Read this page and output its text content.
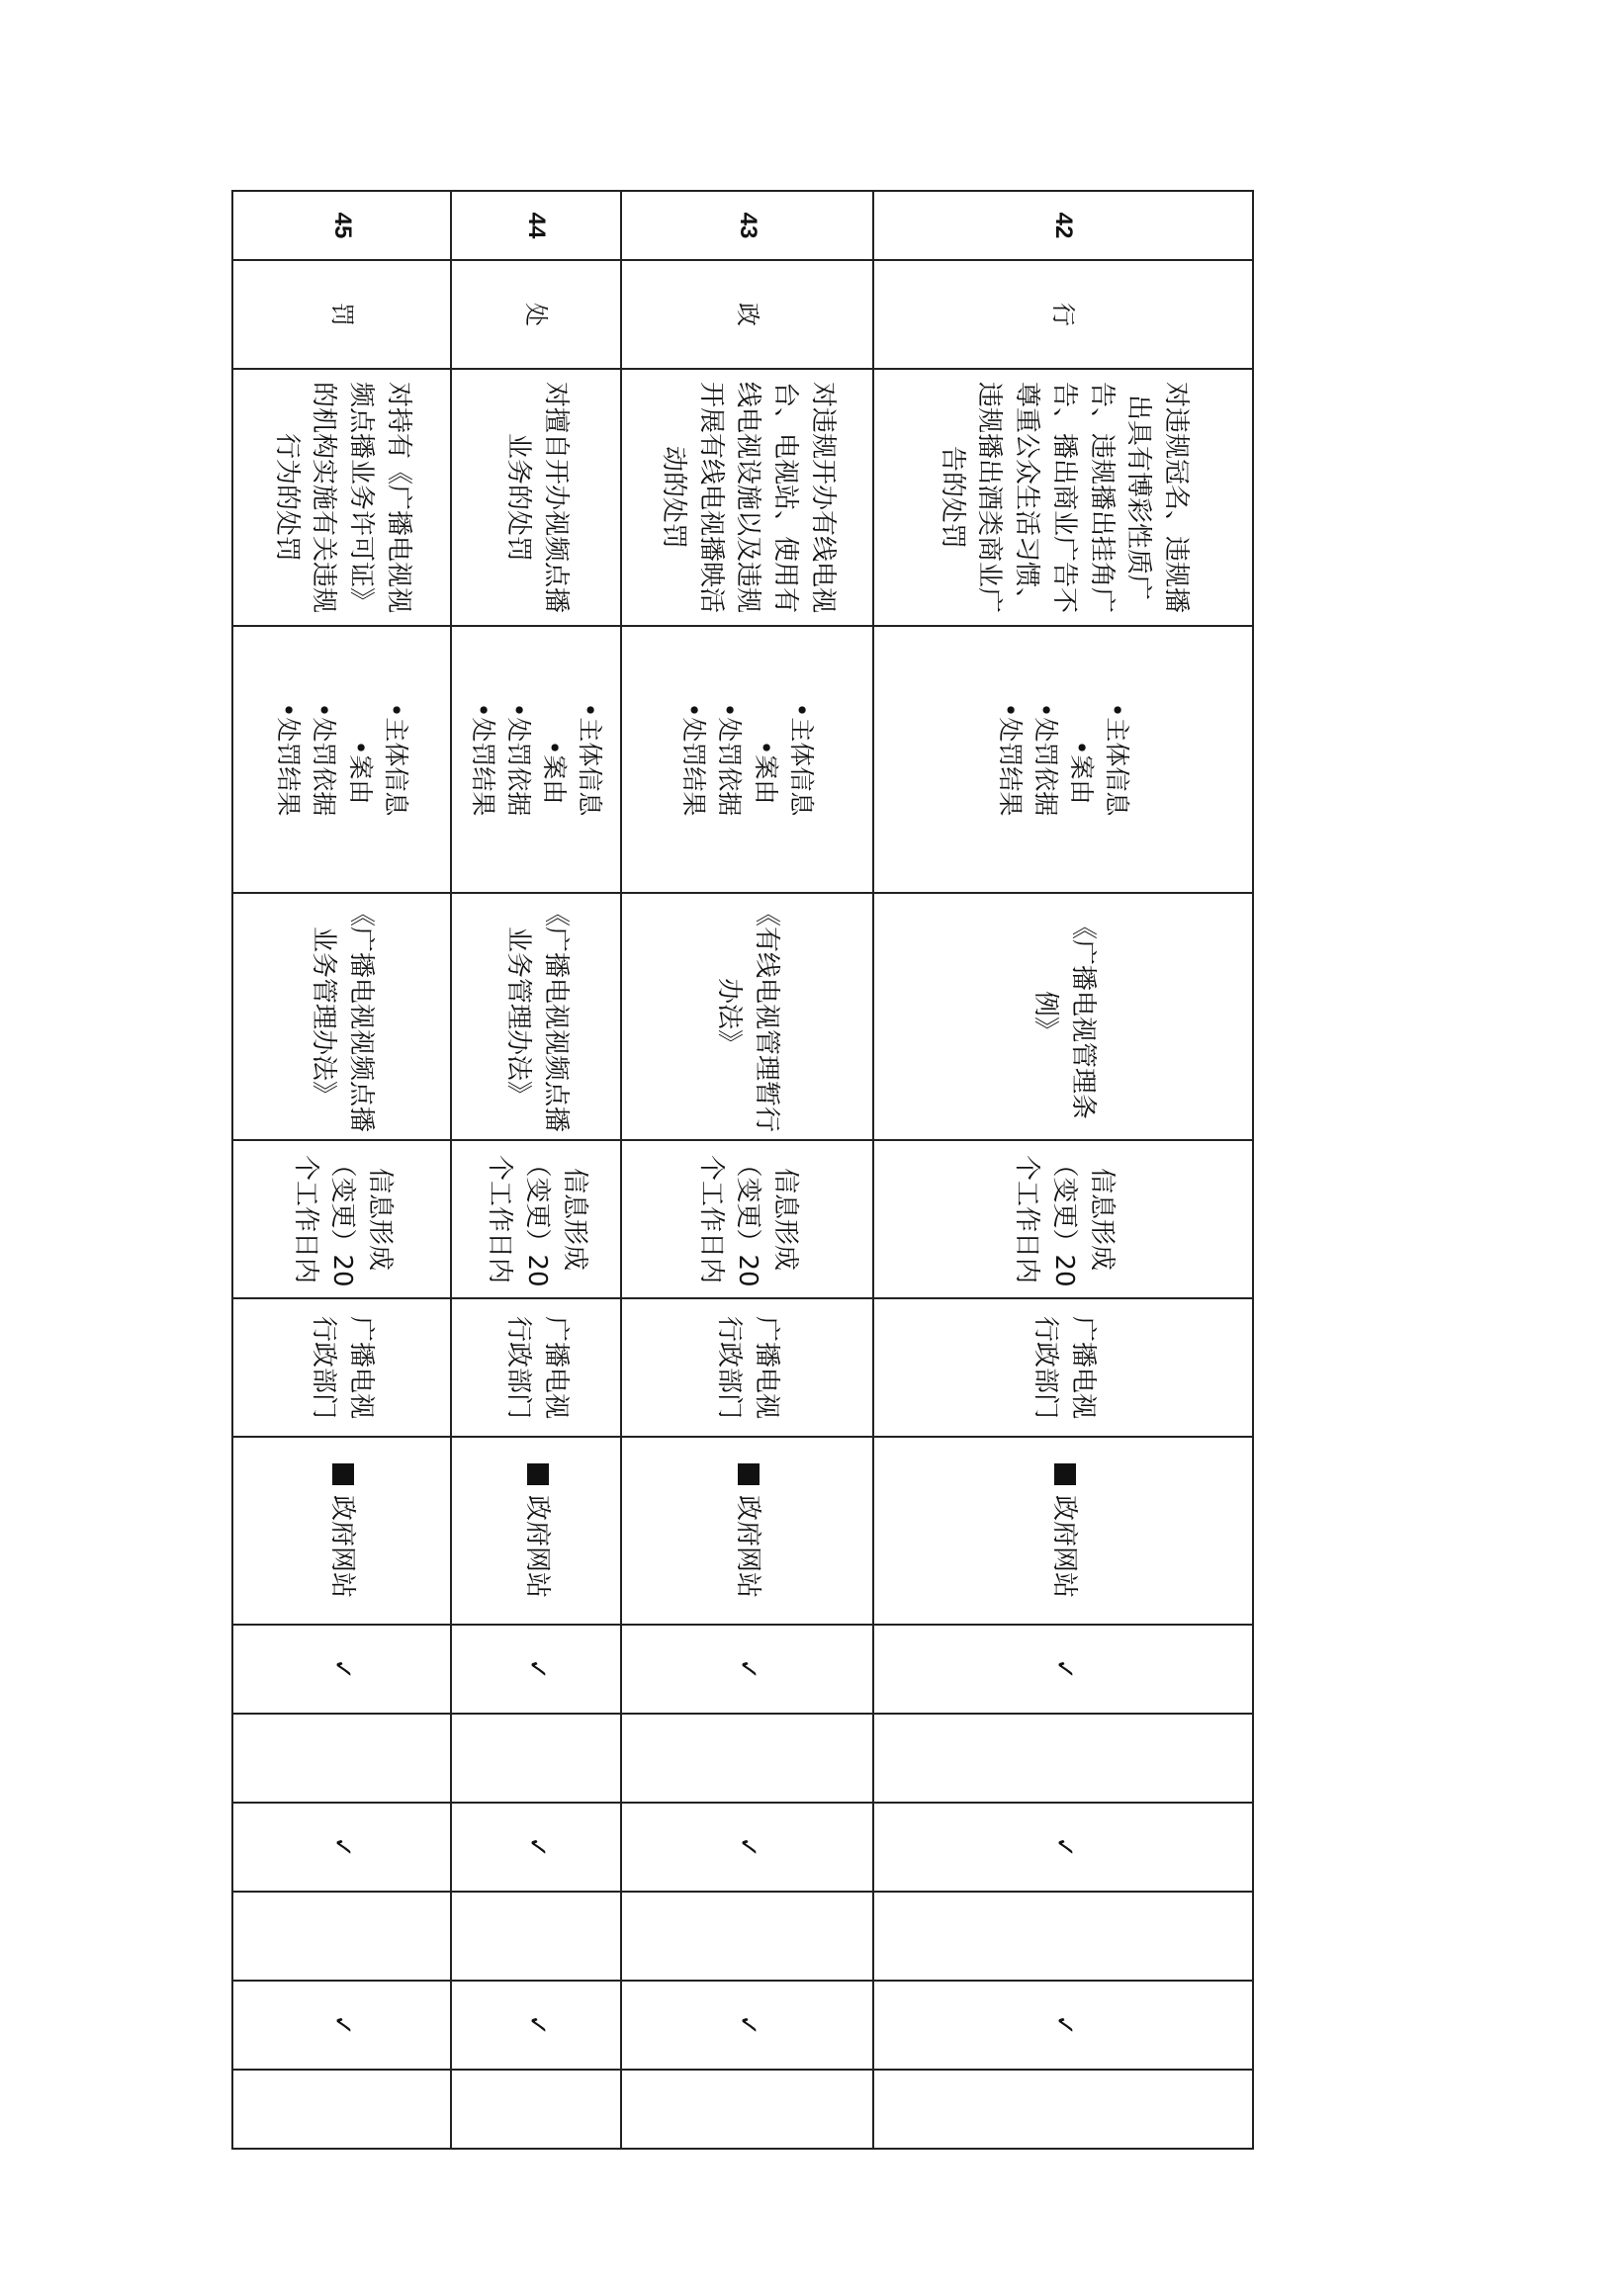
42	行	对违规冠名、违规播出具有博彩性质广告、违规播出挂角广告、播出商业广告不尊重公众生活习惯、违规播出酒类商业广告的处罚	•主体信息
•案由
•处罚依据
•处罚结果	《广播电视管理条例》	信息形成（变更）20个工作日内	广播电视行政部门	政府网站	✓		✓		✓	
43	政	对违规开办有线电视台、电视站、使用有线电视设施以及违规开展有线电视播映活动的处罚	•主体信息
•案由
•处罚依据
•处罚结果	《有线电视管理暂行办法》	信息形成（变更）20个工作日内	广播电视行政部门	政府网站	✓		✓		✓	
44	处	对擅自开办视频点播业务的处罚	•主体信息
•案由
•处罚依据
•处罚结果	《广播电视视频点播业务管理办法》	信息形成（变更）20个工作日内	广播电视行政部门	政府网站	✓		✓		✓	
45	罚	对持有《广播电视视频点播业务许可证》的机构实施有关违规行为的处罚	•主体信息
•案由
•处罚依据
•处罚结果	《广播电视视频点播业务管理办法》	信息形成（变更）20个工作日内	广播电视行政部门	政府网站	✓		✓		✓	
